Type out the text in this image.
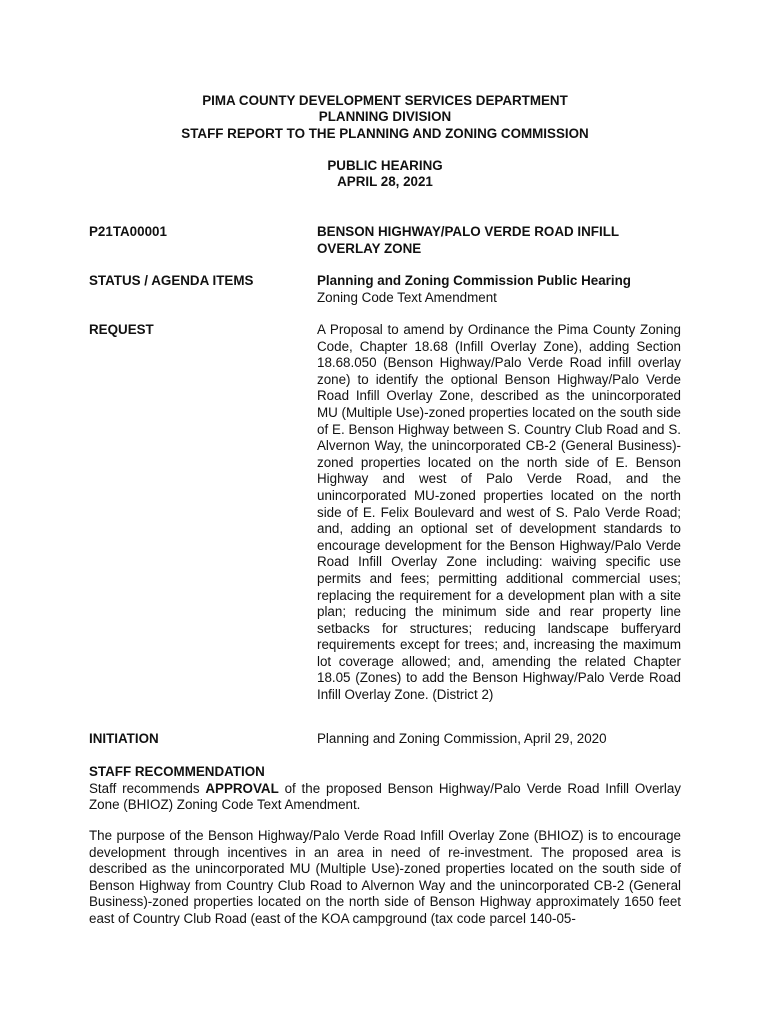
PIMA COUNTY DEVELOPMENT SERVICES DEPARTMENT
PLANNING DIVISION
STAFF REPORT TO THE PLANNING AND ZONING COMMISSION
PUBLIC HEARING
APRIL 28, 2021
P21TA00001	BENSON HIGHWAY/PALO VERDE ROAD INFILL OVERLAY ZONE
STATUS / AGENDA ITEMS	Planning and Zoning Commission Public Hearing
Zoning Code Text Amendment
REQUEST	A Proposal to amend by Ordinance the Pima County Zoning Code, Chapter 18.68 (Infill Overlay Zone), adding Section 18.68.050 (Benson Highway/Palo Verde Road infill overlay zone) to identify the optional Benson Highway/Palo Verde Road Infill Overlay Zone, described as the unincorporated MU (Multiple Use)-zoned properties located on the south side of E. Benson Highway between S. Country Club Road and S. Alvernon Way, the unincorporated CB-2 (General Business)-zoned properties located on the north side of E. Benson Highway and west of Palo Verde Road, and the unincorporated MU-zoned properties located on the north side of E. Felix Boulevard and west of S. Palo Verde Road; and, adding an optional set of development standards to encourage development for the Benson Highway/Palo Verde Road Infill Overlay Zone including: waiving specific use permits and fees; permitting additional commercial uses; replacing the requirement for a development plan with a site plan; reducing the minimum side and rear property line setbacks for structures; reducing landscape bufferyard requirements except for trees; and, increasing the maximum lot coverage allowed; and, amending the related Chapter 18.05 (Zones) to add the Benson Highway/Palo Verde Road Infill Overlay Zone. (District 2)
INITIATION	Planning and Zoning Commission, April 29, 2020
STAFF RECOMMENDATION
Staff recommends APPROVAL of the proposed Benson Highway/Palo Verde Road Infill Overlay Zone (BHIOZ) Zoning Code Text Amendment.
The purpose of the Benson Highway/Palo Verde Road Infill Overlay Zone (BHIOZ) is to encourage development through incentives in an area in need of re-investment. The proposed area is described as the unincorporated MU (Multiple Use)-zoned properties located on the south side of Benson Highway from Country Club Road to Alvernon Way and the unincorporated CB-2 (General Business)-zoned properties located on the north side of Benson Highway approximately 1650 feet east of Country Club Road (east of the KOA campground (tax code parcel 140-05-
